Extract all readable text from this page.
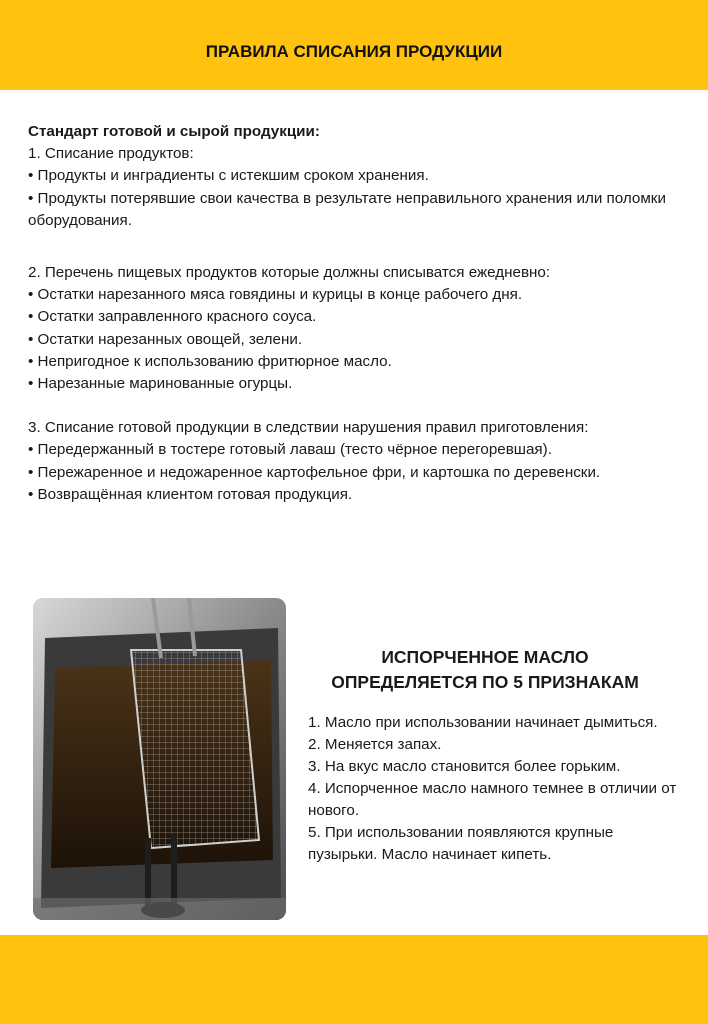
ПРАВИЛА СПИСАНИЯ ПРОДУКЦИИ

Стандарт готовой и сырой продукции:

1. Списание продуктов:

• Продукты и инградиенты с истекшим сроком хранения.

• Продукты потерявшие свои качества в результате неправильного хранения или поломки оборудования.

2. Перечень пищевых продуктов которые должны списыватся ежедневно:

• Остатки нарезанного мяса говядины и курицы в конце рабочего дня.

• Остатки заправленного красного соуса.

• Остатки нарезанных овощей, зелени.

• Непригодное к использованию фритюрное масло.

• Нарезанные маринованные огурцы.

3. Списание готовой продукции в следствии нарушения правил приготовления:

• Передержанный в тостере готовый лаваш (тесто чёрное перегоревшая).

• Пережаренное и недожаренное картофельное фри, и картошка по деревенски.

• Возвращённая клиентом готовая продукция.

ИСПОРЧЕННОЕ МАСЛО
ОПРЕДЕЛЯЕТСЯ ПО 5 ПРИЗНАКАМ

1. Масло при использовании начинает дымиться.

2. Меняется запах.

3. На вкус масло становится более горьким.

4. Испорченное масло намного темнее в отличии от нового.

5. При использовании появляются крупные пузырьки. Масло начинает кипеть.
